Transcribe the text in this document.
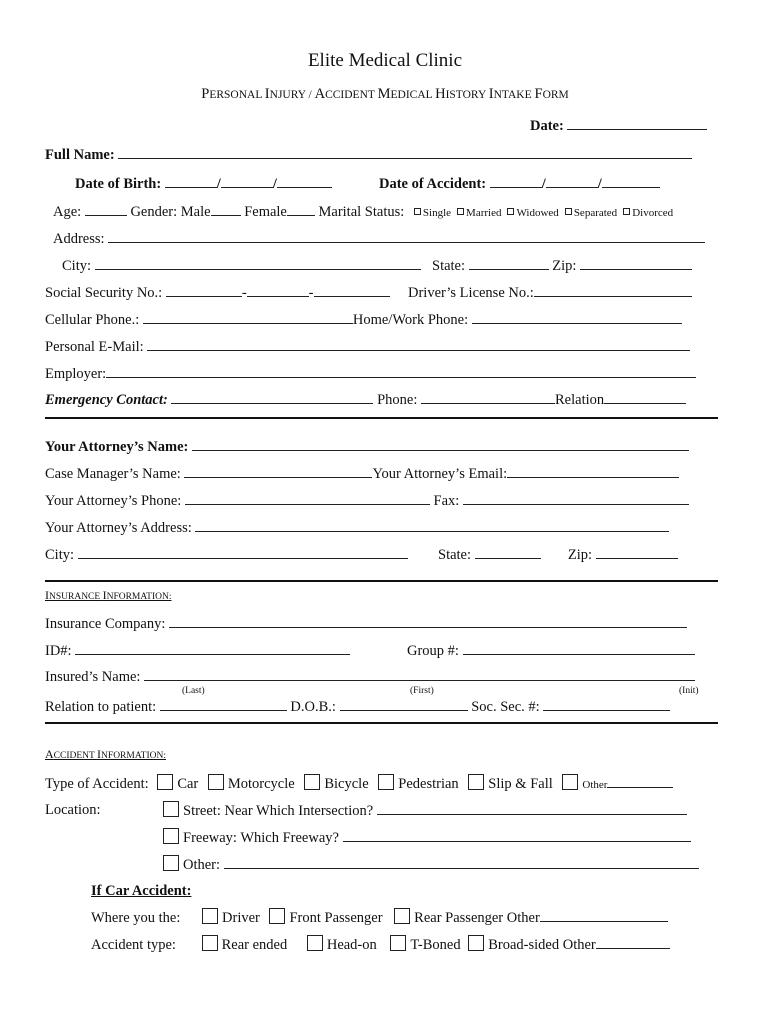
Elite Medical Clinic
PERSONAL INJURY / ACCIDENT MEDICAL HISTORY INTAKE FORM
Date:
Full Name:
Date of Birth:	/	/	Date of Accident:	/	/
Age:	Gender: Male Female Marital Status: Single Married Widowed Separated Divorced
Address:
City:	State:	Zip:
Social Security No.:	-	-	Driver’s License No.:
Cellular Phone.:	Home/Work Phone:
Personal E-Mail:
Employer:
Emergency Contact:	Phone:	Relation
Your Attorney’s Name:
Case Manager’s Name:	Your Attorney’s Email:
Your Attorney’s Phone:	Fax:
Your Attorney’s Address:
City:	State:	Zip:
INSURANCE INFORMATION:
Insurance Company:
ID#:	Group #:
Insured’s Name:
(Last)	(First)	(Init)
Relation to patient:	D.O.B.:	Soc. Sec. #:
ACCIDENT INFORMATION:
Type of Accident: Car Motorcycle Bicycle Pedestrian Slip & Fall	Other
Location:	Street: Near Which Intersection?
Freeway: Which Freeway?
Other:
If Car Accident:
Where you the:	Driver Front Passenger Rear Passenger Other
Accident type:	Rear ended	Head-on T-Boned Broad-sided Other
